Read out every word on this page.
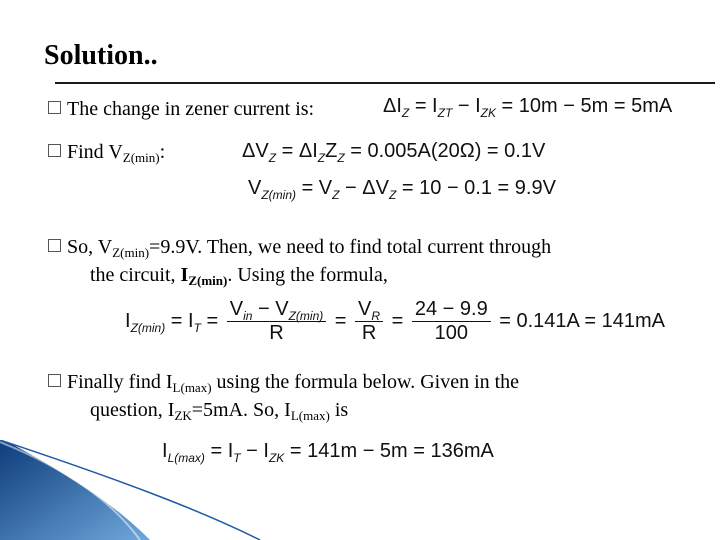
Solution..
The change in zener current is:	$\Delta I_Z = I_{ZT} - I_{ZK} = 10m - 5m = 5mA$
Find $V_{Z(min)}$:	$\Delta V_Z = \Delta I_ZZ_Z = 0.005A(20\Omega) = 0.1V$
$V_{Z(min)} = V_Z - \Delta V_Z = 10 - 0.1 = 9.9V$
So, $V_{Z(min)}=9.9V$. Then, we need to find total current through
the circuit, $I_{Z(min)}$. Using the formula,
$I_{Z(min)} = I_T = \frac{V_{in} - V_{Z(min)}}{R} = \frac{V_R}{R} = \frac{24 - 9.9}{100} = 0.141A = 141mA$
Finally find $I_{L(max)}$ using the formula below. Given in the
question, $I_{ZK}=5mA$. So, $I_{L(max)}$ is
$I_{L(max)} = I_T - I_{ZK} = 141m - 5m = 136mA$
